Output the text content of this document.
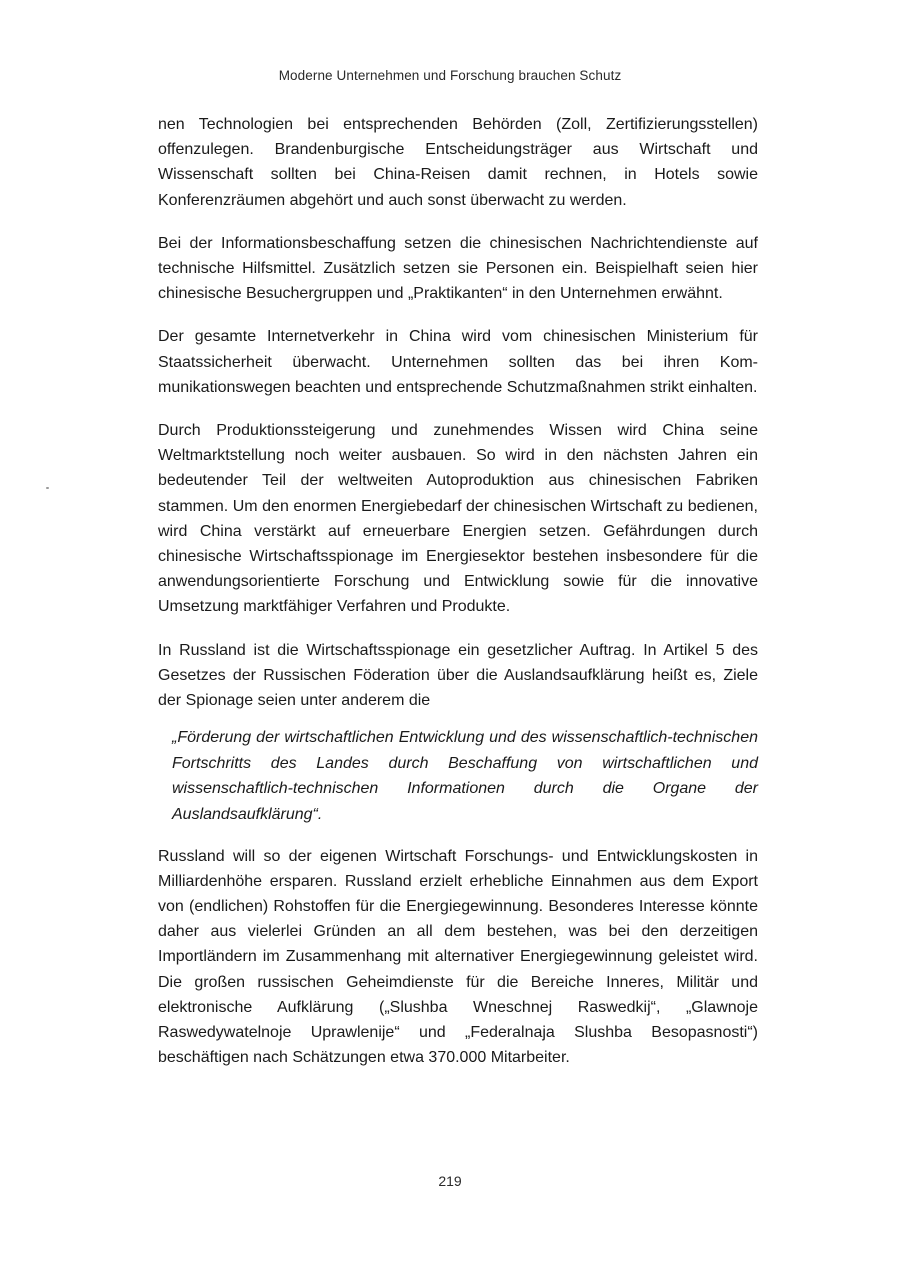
Moderne Unternehmen und Forschung brauchen Schutz

nen Technologien bei entsprechenden Behörden (Zoll, Zertifizierungsstellen) offenzulegen. Brandenburgische Entscheidungsträger aus Wirtschaft und Wissenschaft sollten bei China-Reisen damit rechnen, in Hotels sowie Konferenzräumen abgehört und auch sonst überwacht zu werden.

Bei der Informationsbeschaffung setzen die chinesischen Nachrichtendienste auf technische Hilfsmittel. Zusätzlich setzen sie Personen ein. Beispielhaft seien hier chinesische Besuchergruppen und „Praktikanten“ in den Unternehmen erwähnt.

Der gesamte Internetverkehr in China wird vom chinesischen Ministerium für Staatssicherheit überwacht. Unternehmen sollten das bei ihren Kommunikationswegen beachten und entsprechende Schutzmaßnahmen strikt einhalten.

Durch Produktionssteigerung und zunehmendes Wissen wird China seine Weltmarktstellung noch weiter ausbauen. So wird in den nächsten Jahren ein bedeutender Teil der weltweiten Autoproduktion aus chinesischen Fabriken stammen. Um den enormen Energiebedarf der chinesischen Wirtschaft zu bedienen, wird China verstärkt auf erneuerbare Energien setzen. Gefährdungen durch chinesische Wirtschaftsspionage im Energiesektor bestehen insbesondere für die anwendungsorientierte Forschung und Entwicklung sowie für die innovative Umsetzung marktfähiger Verfahren und Produkte.

In Russland ist die Wirtschaftsspionage ein gesetzlicher Auftrag. In Artikel 5 des Gesetzes der Russischen Föderation über die Auslandsaufklärung heißt es, Ziele der Spionage seien unter anderem die

„Förderung der wirtschaftlichen Entwicklung und des wissenschaftlich-technischen Fortschritts des Landes durch Beschaffung von wirtschaftlichen und wissenschaftlich-technischen Informationen durch die Organe der Auslandsaufklärung“.

Russland will so der eigenen Wirtschaft Forschungs- und Entwicklungskosten in Milliardenhöhe ersparen. Russland erzielt erhebliche Einnahmen aus dem Export von (endlichen) Rohstoffen für die Energiegewinnung. Besonderes Interesse könnte daher aus vielerlei Gründen an all dem bestehen, was bei den derzeitigen Importländern im Zusammenhang mit alternativer Energiegewinnung geleistet wird. Die großen russischen Geheimdienste für die Bereiche Inneres, Militär und elektronische Aufklärung („Slushba Wneschnej Raswedkij“, „Glawnoje Raswedywatelnoje Uprawlenije“ und „Federalnaja Slushba Besopasnosti“) beschäftigen nach Schätzungen etwa 370.000 Mitarbeiter.

219
